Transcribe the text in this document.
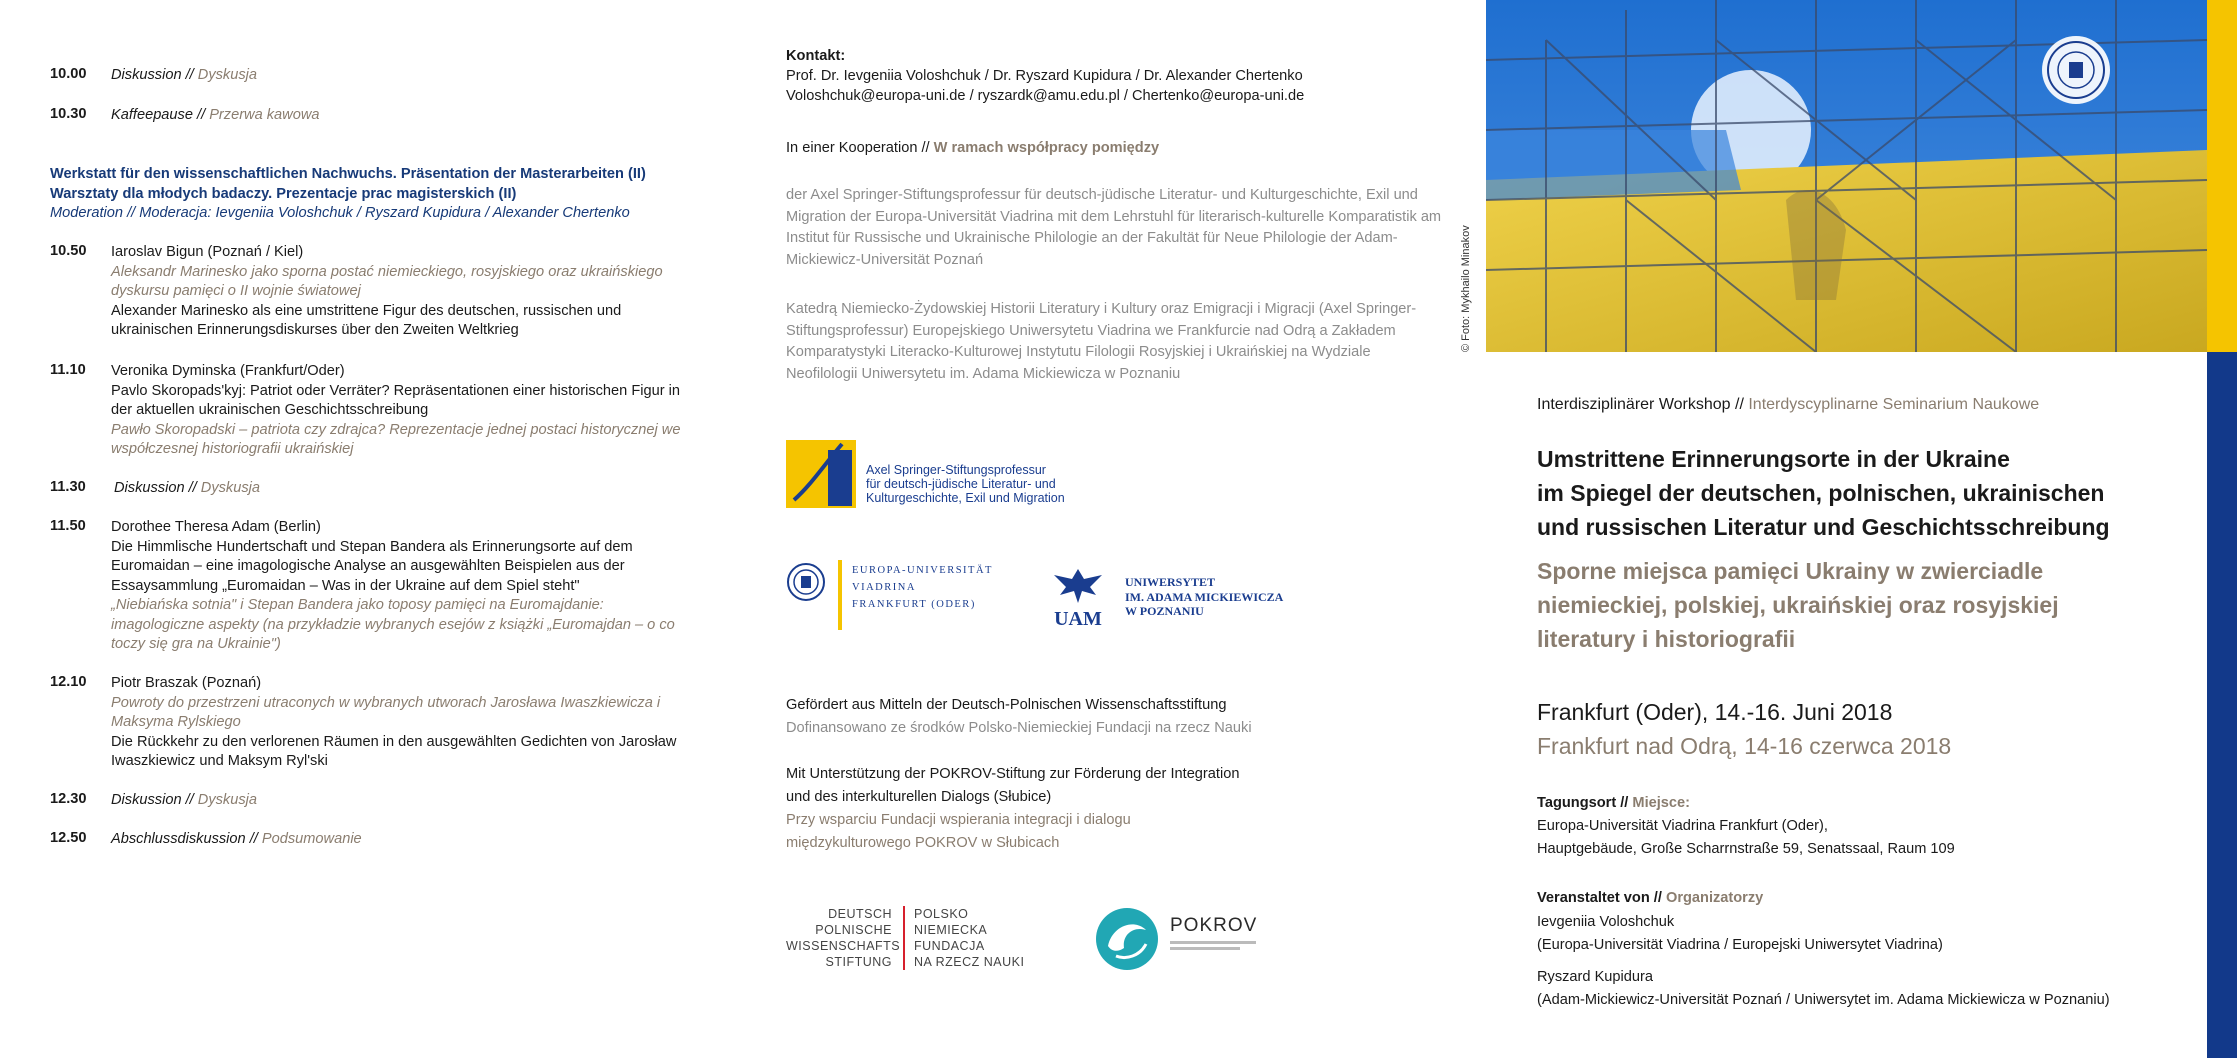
10.00 Diskussion // Dyskusja
10.30 Kaffeepause // Przerwa kawowa
Werkstatt für den wissenschaftlichen Nachwuchs. Präsentation der Masterarbeiten (II)
Warsztaty dla młodych badaczy. Prezentacje prac magisterskich (II)
Moderation // Moderacja: Ievgeniia Voloshchuk / Ryszard Kupidura / Alexander Chertenko
10.50 Iaroslav Bigun (Poznań / Kiel)
Aleksandr Marinesko jako sporna postać niemieckiego, rosyjskiego oraz ukraińskiego dyskursu pamięci o II wojnie światowej
Alexander Marinesko als eine umstrittene Figur des deutschen, russischen und ukrainischen Erinnerungsdiskurses über den Zweiten Weltkrieg
11.10 Veronika Dyminska (Frankfurt/Oder)
Pavlo Skoropads'kyj: Patriot oder Verräter? Repräsentationen einer historischen Figur in der aktuellen ukrainischen Geschichtsschreibung
Pawło Skoropadski – patriota czy zdrajca? Reprezentacje jednej postaci historycznej we współczesnej historiografii ukraińskiej
11.30 Diskussion // Dyskusja
11.50 Dorothee Theresa Adam (Berlin)
Die Himmlische Hundertschaft und Stepan Bandera als Erinnerungsorte auf dem Euromaidan – eine imagologische Analyse an ausgewählten Beispielen aus der Essaysammlung „Euromaidan – Was in der Ukraine auf dem Spiel steht"
„Niebiańska sotnia" i Stepan Bandera jako toposy pamięci na Euromajdanie: imagologiczne aspekty (na przykładzie wybranych esejów z książki „Euromajdan – o co toczy się gra na Ukrainie")
12.10 Piotr Braszak (Poznań)
Powroty do przestrzeni utraconych w wybranych utworach Jarosława Iwaszkiewicza i Maksyma Rylskiego
Die Rückkehr zu den verlorenen Räumen in den ausgewählten Gedichten von Jarosław Iwaszkiewicz und Maksym Ryl'ski
12.30 Diskussion // Dyskusja
12.50 Abschlussdiskussion // Podsumowanie
Kontakt:
Prof. Dr. Ievgeniia Voloshchuk / Dr. Ryszard Kupidura / Dr. Alexander Chertenko
Voloshchuk@europa-uni.de / ryszardk@amu.edu.pl / Chertenko@europa-uni.de
In einer Kooperation // W ramach współpracy pomiędzy
der Axel Springer-Stiftungsprofessur für deutsch-jüdische Literatur- und Kulturgeschichte, Exil und Migration der Europa-Universität Viadrina mit dem Lehrstuhl für literarisch-kulturelle Komparatistik am Institut für Russische und Ukrainische Philologie an der Fakultät für Neue Philologie der Adam-Mickiewicz-Universität Poznań
Katedrą Niemiecko-Żydowskiej Historii Literatury i Kultury oraz Emigracji i Migracji (Axel Springer-Stiftungsprofessur) Europejskiego Uniwersytetu Viadrina we Frankfurcie nad Odrą a Zakładem Komparatystyki Literacko-Kulturowej Instytutu Filologii Rosyjskiej i Ukraińskiej na Wydziale Neofilologii Uniwersytetu im. Adama Mickiewicza w Poznaniu
Axel Springer-Stiftungsprofessur
für deutsch-jüdische Literatur- und
Kulturgeschichte, Exil und Migration
EUROPA-UNIVERSITÄT
VIADRINA
FRANKFURT (ODER)
UAM
UNIWERSYTET
IM. ADAMA MICKIEWICZA
W POZNANIU
Gefördert aus Mitteln der Deutsch-Polnischen Wissenschaftsstiftung
Dofinansowano ze środków Polsko-Niemieckiej Fundacji na rzecz Nauki
Mit Unterstützung der POKROV-Stiftung zur Förderung der Integration
und des interkulturellen Dialogs (Słubice)
Przy wsparciu Fundacji wspierania integracji i dialogu
międzykulturowego POKROV w Słubicach
DEUTSCH
POLNISCHE
WISSENSCHAFTS
STIFTUNG
POLSKO
NIEMIECKA
FUNDACJA
NA RZECZ NAUKI
POKROV
© Foto: Mykhailo Minakov
Interdisziplinärer Workshop // Interdyscyplinarne Seminarium Naukowe
Umstrittene Erinnerungsorte in der Ukraine
im Spiegel der deutschen, polnischen, ukrainischen
und russischen Literatur und Geschichtsschreibung
Sporne miejsca pamięci Ukrainy w zwierciadle
niemieckiej, polskiej, ukraińskiej oraz rosyjskiej
literatury i historiografii
Frankfurt (Oder), 14.-16. Juni 2018
Frankfurt nad Odrą, 14-16 czerwca 2018
Tagungsort // Miejsce:
Europa-Universität Viadrina Frankfurt (Oder),
Hauptgebäude, Große Scharrnstraße 59, Senatssaal, Raum 109
Veranstaltet von // Organizatorzy
Ievgeniia Voloshchuk
(Europa-Universität Viadrina / Europejski Uniwersytet Viadrina)
Ryszard Kupidura
(Adam-Mickiewicz-Universität Poznań / Uniwersytet im. Adama Mickiewicza w Poznaniu)
